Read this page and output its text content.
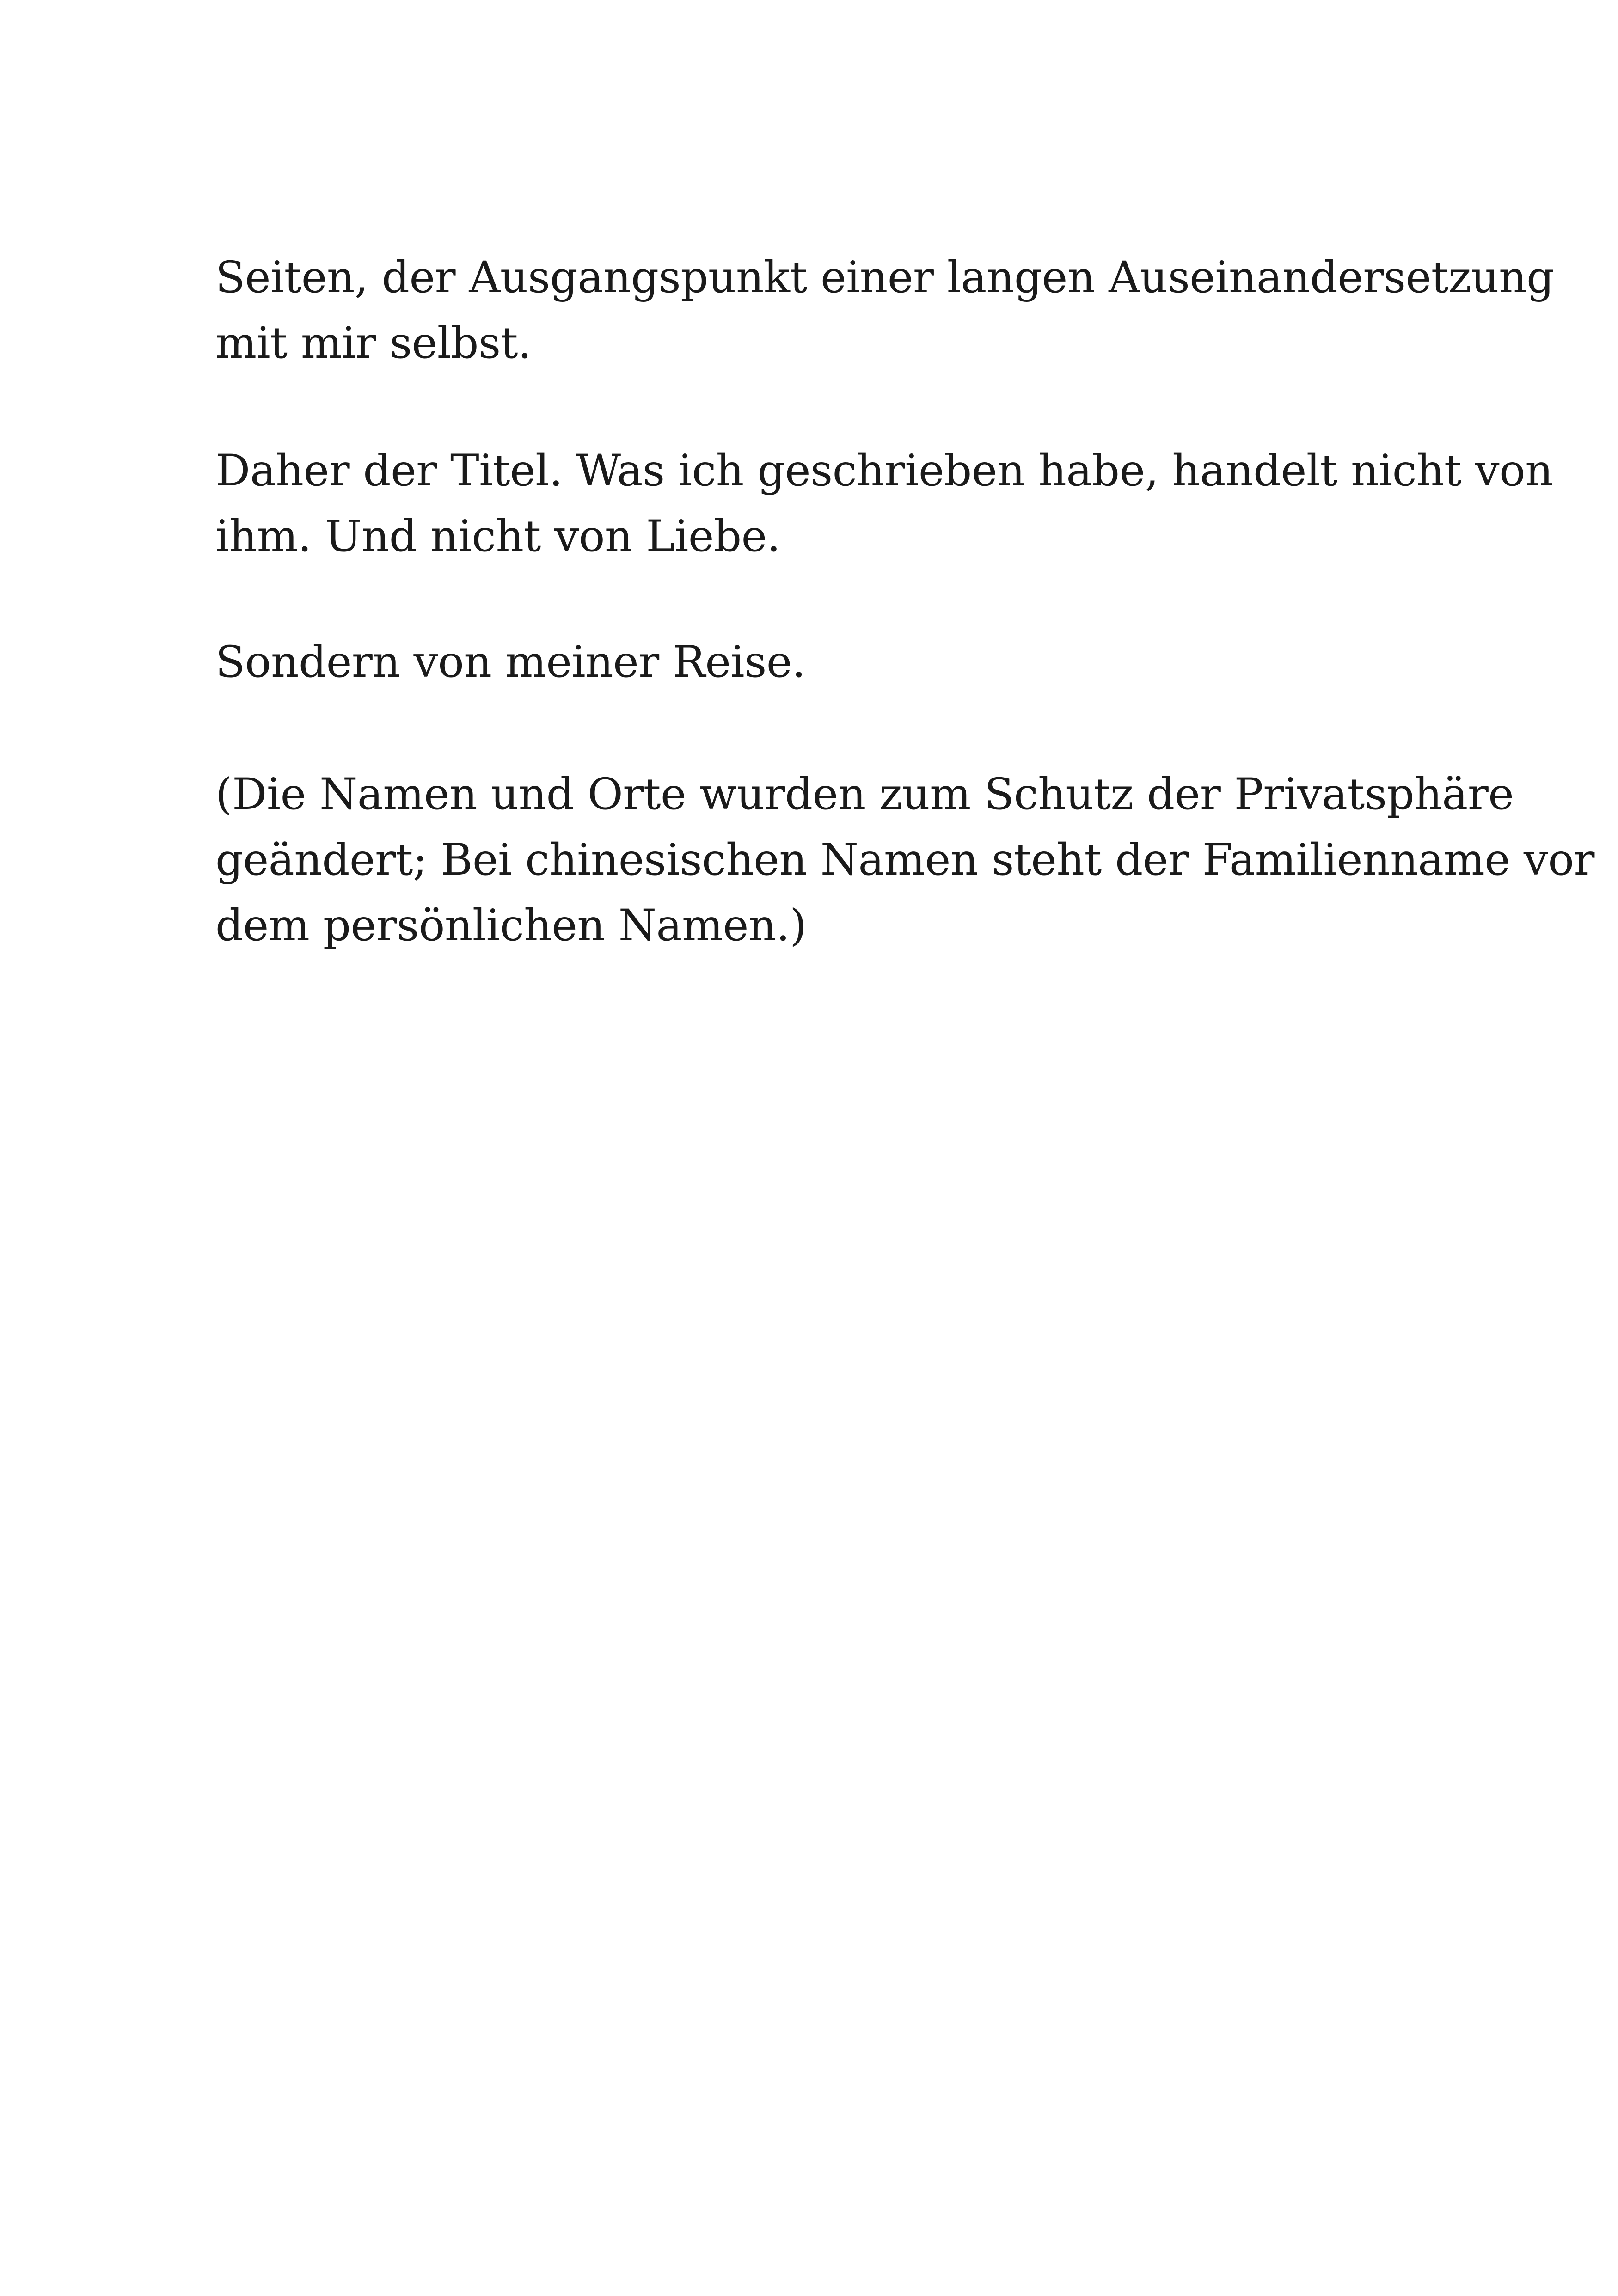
Seiten, der Ausgangspunkt einer langen Auseinandersetzung
mit mir selbst.
Daher der Titel. Was ich geschrieben habe, handelt nicht von
ihm. Und nicht von Liebe.
Sondern von meiner Reise.
(Die Namen und Orte wurden zum Schutz der Privatsphäre
geändert; Bei chinesischen Namen steht der Familienname vor
dem persönlichen Namen.)
